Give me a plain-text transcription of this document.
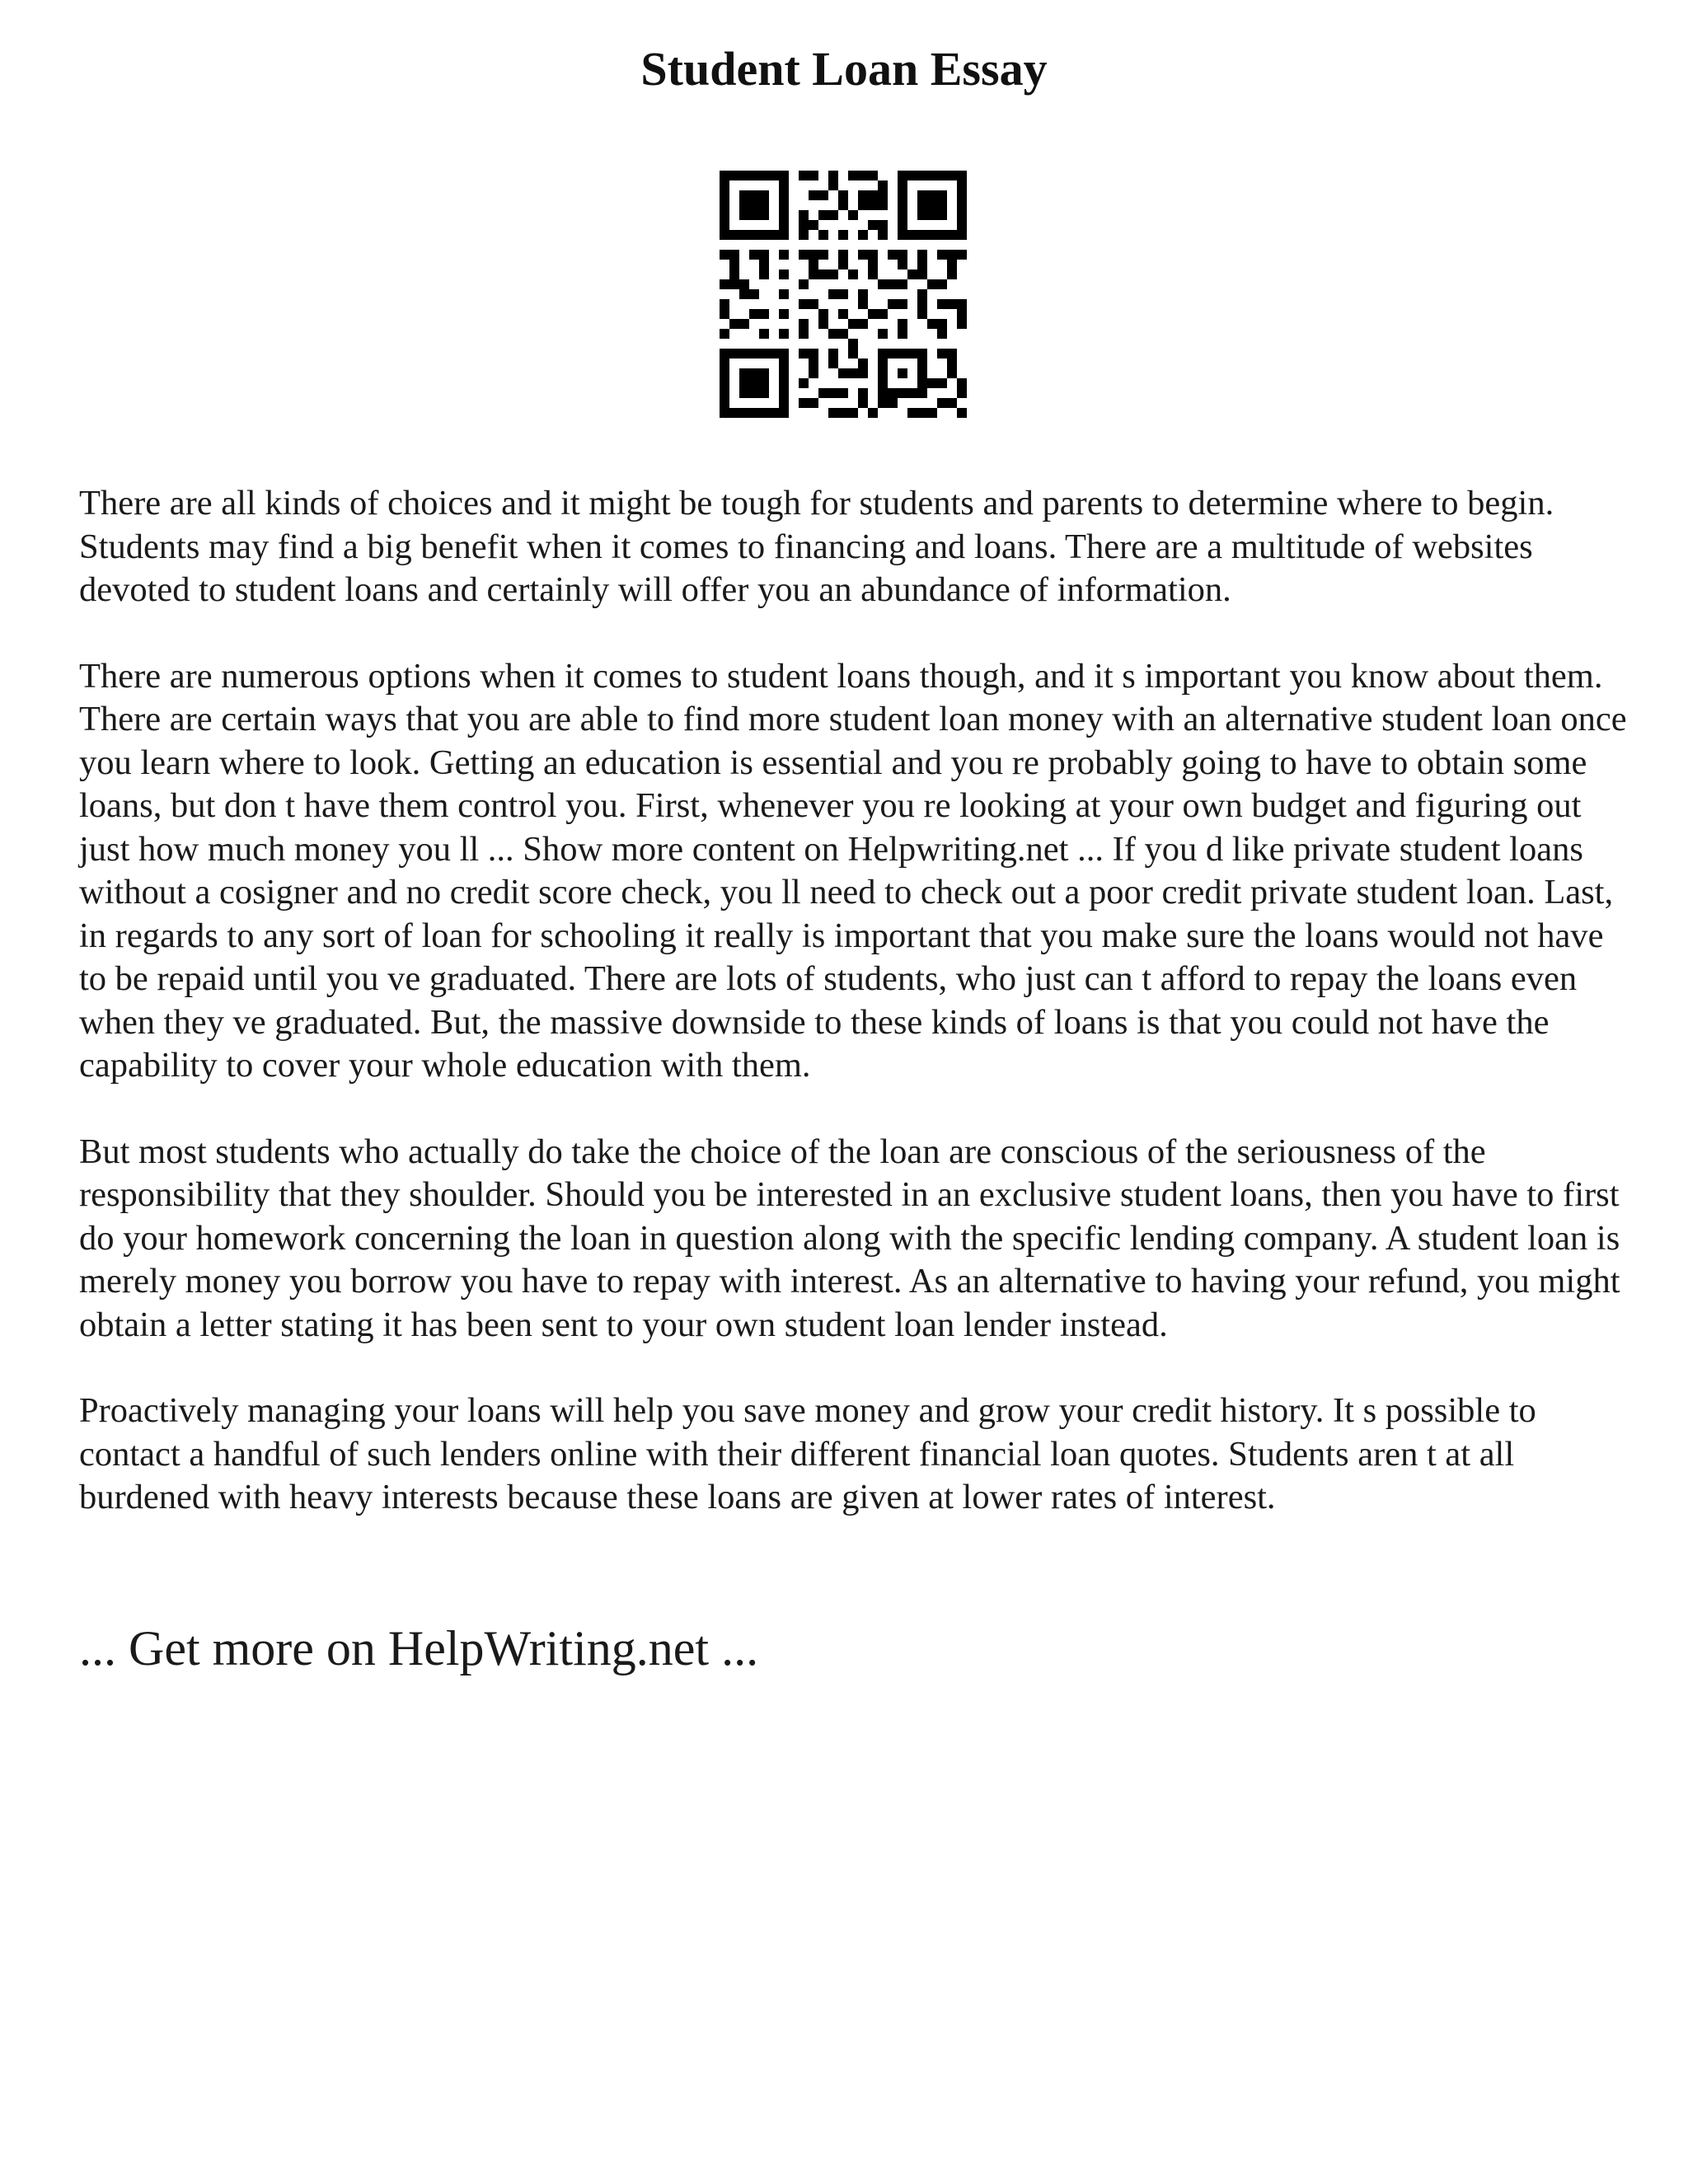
Student Loan Essay

There are all kinds of choices and it might be tough for students and parents to determine where to begin. Students may find a big benefit when it comes to financing and loans. There are a multitude of websites devoted to student loans and certainly will offer you an abundance of information.

There are numerous options when it comes to student loans though, and it s important you know about them. There are certain ways that you are able to find more student loan money with an alternative student loan once you learn where to look. Getting an education is essential and you re probably going to have to obtain some loans, but don t have them control you. First, whenever you re looking at your own budget and figuring out just how much money you ll ... Show more content on Helpwriting.net ... If you d like private student loans without a cosigner and no credit score check, you ll need to check out a poor credit private student loan. Last, in regards to any sort of loan for schooling it really is important that you make sure the loans would not have to be repaid until you ve graduated. There are lots of students, who just can t afford to repay the loans even when they ve graduated. But, the massive downside to these kinds of loans is that you could not have the capability to cover your whole education with them.

But most students who actually do take the choice of the loan are conscious of the seriousness of the responsibility that they shoulder. Should you be interested in an exclusive student loans, then you have to first do your homework concerning the loan in question along with the specific lending company. A student loan is merely money you borrow you have to repay with interest. As an alternative to having your refund, you might obtain a letter stating it has been sent to your own student loan lender instead.

Proactively managing your loans will help you save money and grow your credit history. It s possible to contact a handful of such lenders online with their different financial loan quotes. Students aren t at all burdened with heavy interests because these loans are given at lower rates of interest.

... Get more on HelpWriting.net ...
